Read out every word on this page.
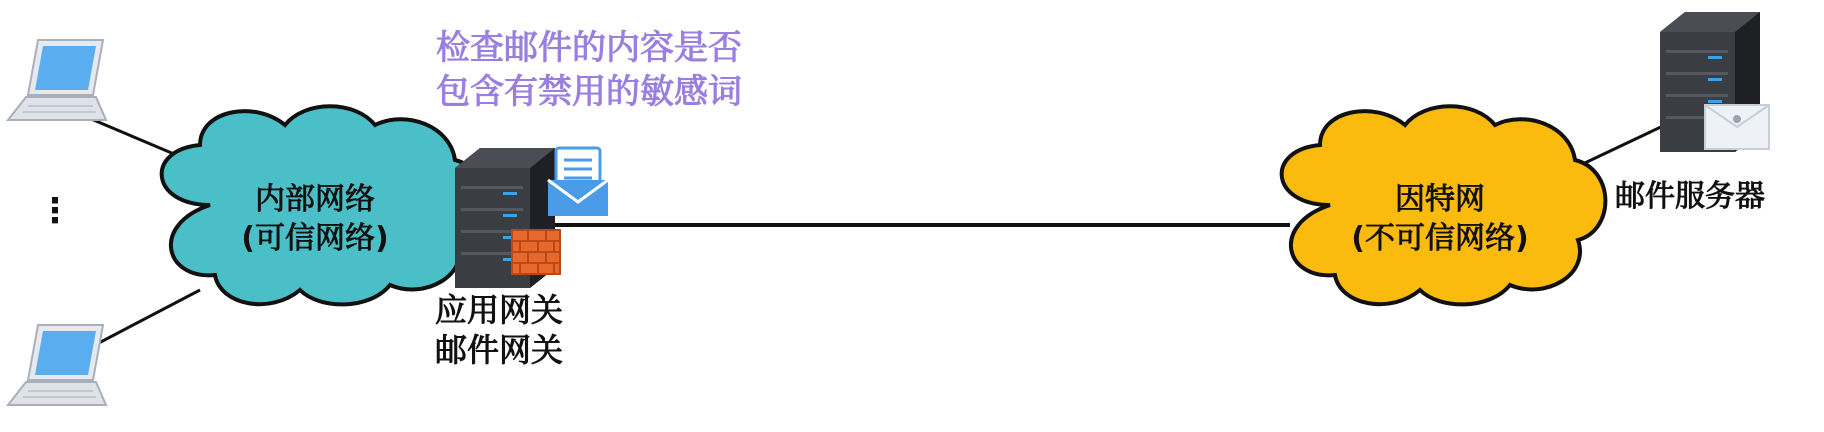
检查邮件的内容是否
包含有禁用的敏感词
⋮	内部网络
(可信网络)
因特网
(不可信网络)
应用网关
邮件网关
邮件服务器
